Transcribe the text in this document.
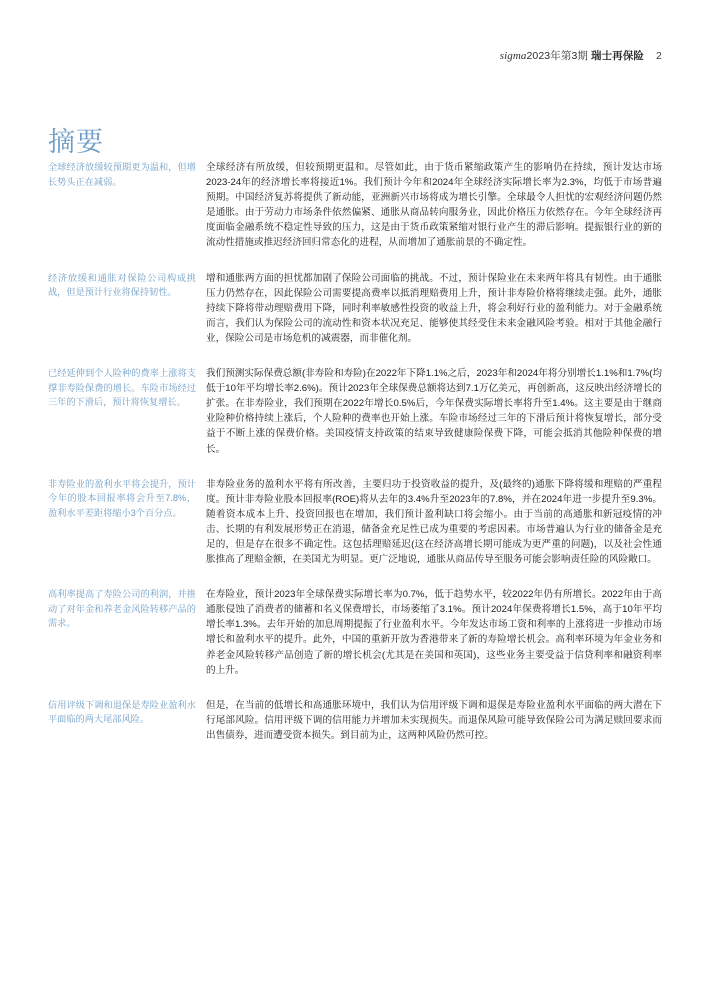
sigma2023年第3期 瑞士再保险 2
摘要
全球经济放缓较预期更为温和，但增长势头正在减弱。
全球经济有所放缓，但较预期更温和。尽管如此，由于货币紧缩政策产生的影响仍在持续，预计发达市场2023-24年的经济增长率将接近1%。我们预计今年和2024年全球经济实际增长率为2.3%，均低于市场普遍预期。中国经济复苏将提供了新动能，亚洲新兴市场将成为增长引擎。全球最令人担忧的宏观经济问题仍然是通胀。由于劳动力市场条件依然偏紧、通胀从商品转向服务业，因此价格压力依然存在。今年全球经济再度面临金融系统不稳定性导致的压力，这是由于货币政策紧缩对银行业产生的滞后影响。提振银行业的新的流动性措施或推迟经济回归常态化的进程，从而增加了通胀前景的不确定性。
经济放缓和通胀对保险公司构成挑战，但是预计行业将保持韧性。
增和通胀两方面的担忧都加剧了保险公司面临的挑战。不过，预计保险业在未来两年将具有韧性。由于通胀压力仍然存在，因此保险公司需要提高费率以抵消理赔费用上升，预计非寿险价格将继续走强。此外，通胀持续下降将带动理赔费用下降，同时利率敏感性投资的收益上升，将会利好行业的盈利能力。对于金融系统而言，我们认为保险公司的流动性和资本状况充足、能够使其经受住未来金融风险考验。相对于其他金融行业，保险公司是市场危机的减震器，而非催化剂。
已经延伸到个人险种的费率上涨将支撑非寿险保费的增长。车险市场经过三年的下滑后，预计将恢复增长。
我们预测实际保费总额(非寿险和寿险)在2022年下降1.1%之后，2023年和2024年将分别增长1.1%和1.7%(均低于10年平均增长率2.6%)。预计2023年全球保费总额将达到7.1万亿美元，再创新高，这反映出经济增长的扩张。在非寿险业，我们预期在2022年增长0.5%后，今年保费实际增长率将升至1.4%。这主要是由于继商业险种价格持续上涨后，个人险种的费率也开始上涨。车险市场经过三年的下滑后预计将恢复增长，部分受益于不断上涨的保费价格。美国疫情支持政策的结束导致健康险保费下降，可能会抵消其他险种保费的增长。
非寿险业的盈利水平将会提升，预计今年的股本回报率将会升至7.8%，盈利水平差距将缩小3个百分点。
非寿险业务的盈利水平将有所改善，主要归功于投资收益的提升，及(最终的)通胀下降将缓和理赔的严重程度。预计非寿险业股本回报率(ROE)将从去年的3.4%升至2023年的7.8%，并在2024年进一步提升至9.3%。随着资本成本上升、投资回报也在增加，我们预计盈利缺口将会缩小。由于当前的高通胀和新冠疫情的冲击、长期的有利发展形势正在消退，储备金充足性已成为重要的考虑因素。市场普遍认为行业的储备金是充足的，但是存在很多不确定性。这包括理赔延迟(这在经济高增长期可能成为更严重的问题)，以及社会性通胀推高了理赔金额，在美国尤为明显。更广泛地说，通胀从商品传导至服务可能会影响责任险的风险敞口。
高利率提高了寿险公司的利润，并推动了对年金和养老金风险转移产品的需求。
在寿险业，预计2023年全球保费实际增长率为0.7%，低于趋势水平，较2022年仍有所增长。2022年由于高通胀侵蚀了消费者的储蓄和名义保费增长，市场萎缩了3.1%。预计2024年保费将增长1.5%，高于10年平均增长率1.3%。去年开始的加息周期提振了行业盈利水平。今年发达市场工资和利率的上涨将进一步推动市场增长和盈利水平的提升。此外，中国的重新开放为香港带来了新的寿险增长机会。高利率环境为年金业务和养老金风险转移产品创造了新的增长机会(尤其是在美国和英国)，这些业务主要受益于信贷利率和融资利率的上升。
信用评级下调和退保是寿险业盈利水平面临的两大尾部风险。
但是，在当前的低增长和高通胀环境中，我们认为信用评级下调和退保是寿险业盈利水平面临的两大潜在下行尾部风险。信用评级下调的信用能力并增加未实现损失。而退保风险可能导致保险公司为满足赎回要求而出售债券，进而遭受资本损失。到目前为止，这两种风险仍然可控。
